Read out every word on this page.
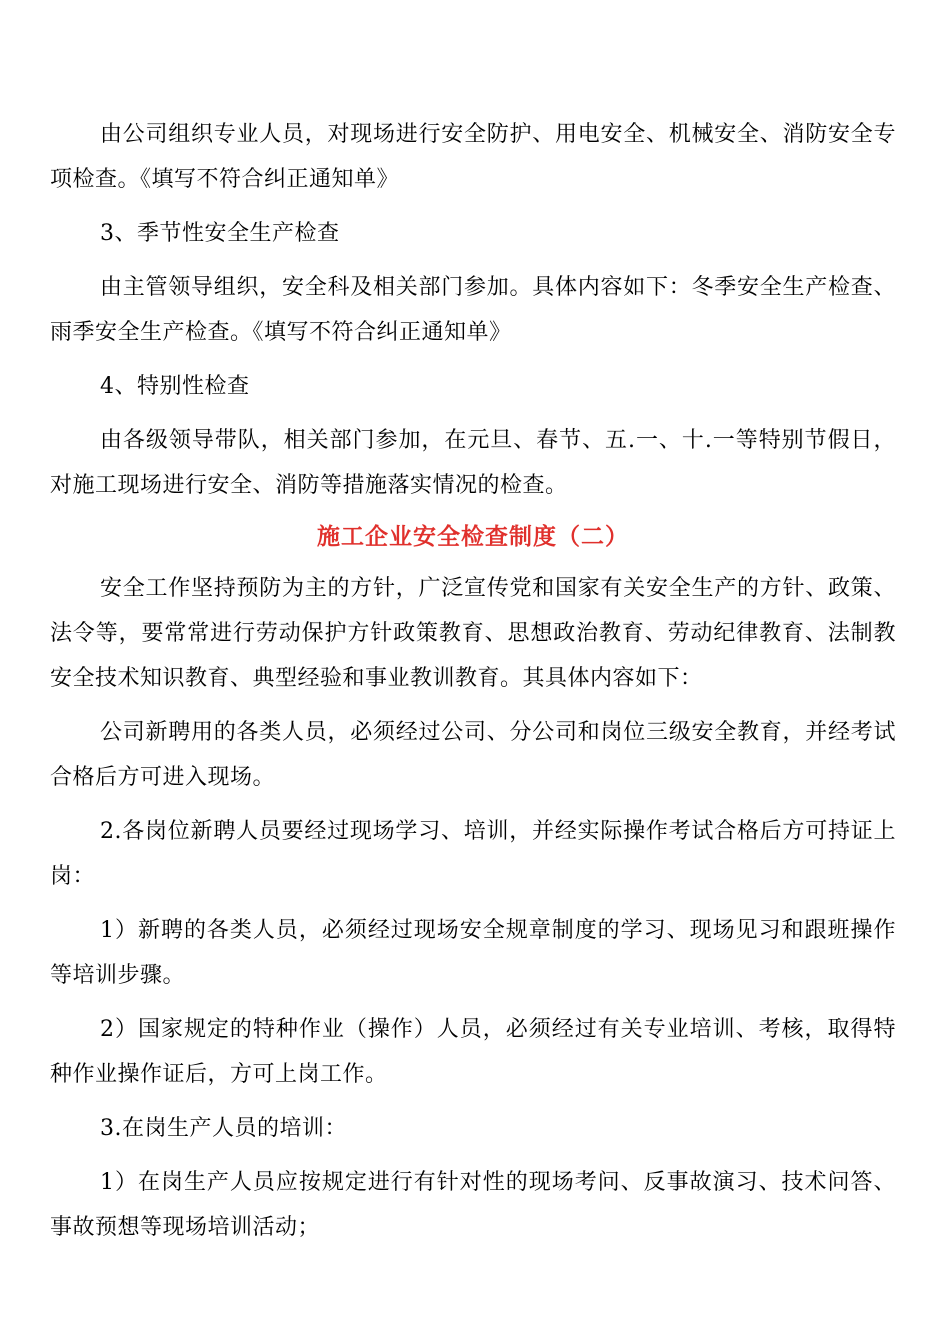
由公司组织专业人员，对现场进行安全防护、用电安全、机械安全、消防安全专项检查。《填写不符合纠正通知单》

3、季节性安全生产检查

由主管领导组织，安全科及相关部门参加。具体内容如下：冬季安全生产检查、雨季安全生产检查。《填写不符合纠正通知单》

4、特别性检查

由各级领导带队，相关部门参加，在元旦、春节、五.一、十.一等特别节假日，对施工现场进行安全、消防等措施落实情况的检查。

施工企业安全检查制度（二）

安全工作坚持预防为主的方针，广泛宣传党和国家有关安全生产的方针、政策、法令等，要常常进行劳动保护方针政策教育、思想政治教育、劳动纪律教育、法制教安全技术知识教育、典型经验和事业教训教育。其具体内容如下：

公司新聘用的各类人员，必须经过公司、分公司和岗位三级安全教育，并经考试合格后方可进入现场。

2.各岗位新聘人员要经过现场学习、培训，并经实际操作考试合格后方可持证上岗：

1）新聘的各类人员，必须经过现场安全规章制度的学习、现场见习和跟班操作等培训步骤。

2）国家规定的特种作业（操作）人员，必须经过有关专业培训、考核，取得特种作业操作证后，方可上岗工作。

3.在岗生产人员的培训：

1）在岗生产人员应按规定进行有针对性的现场考问、反事故演习、技术问答、事故预想等现场培训活动；
